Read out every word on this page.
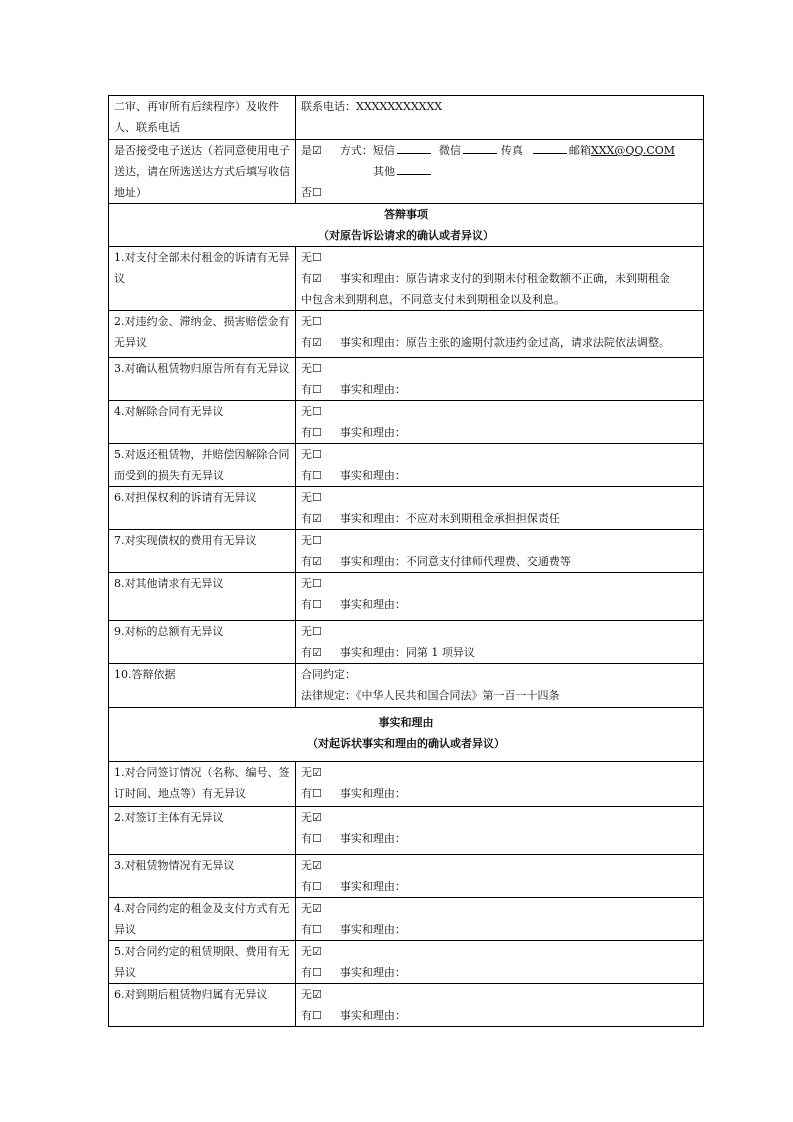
二审、再审所有后续程序）及收件人、联系电话	联系电话：XXXXXXXXXXX
是否接受电子送达（若同意使用电子送达，请在所选送达方式后填写收信地址）	是☑ 方式：短信 微信 传真 邮箱XXX@QQ.COM
其他
否☐

答辩事项
（对原告诉讼请求的确认或者异议）	

1.对支付全部未付租金的诉请有无异议	无☐
有☑ 事实和理由：原告请求支付的到期未付租金数额不正确，未到期租金
中包含未到期利息，不同意支付未到期租金以及利息。

2.对违约金、滞纳金、损害赔偿金有无异议	无☐
有☑ 事实和理由：原告主张的逾期付款违约金过高，请求法院依法调整。

3.对确认租赁物归原告所有有无异议	无☐
有☐ 事实和理由：

4.对解除合同有无异议	无☐
有☐ 事实和理由：

5.对返还租赁物，并赔偿因解除合同而受到的损失有无异议	无☐
有☐ 事实和理由：

6.对担保权利的诉请有无异议	无☐
有☑ 事实和理由：不应对未到期租金承担担保责任

7.对实现债权的费用有无异议	无☐
有☑ 事实和理由：不同意支付律师代理费、交通费等

8.对其他请求有无异议	无☐
有☐ 事实和理由：

9.对标的总额有无异议	无☐
有☑ 事实和理由：同第 1 项异议

10.答辩依据	合同约定：
法律规定：《中华人民共和国合同法》第一百一十四条

事实和理由
（对起诉状事实和理由的确认或者异议）	

1.对合同签订情况（名称、编号、签订时间、地点等）有无异议	无☑
有☐ 事实和理由：

2.对签订主体有无异议	无☑
有☐ 事实和理由：

3.对租赁物情况有无异议	无☑
有☐ 事实和理由：

4.对合同约定的租金及支付方式有无异议	无☑
有☐ 事实和理由：

5.对合同约定的租赁期限、费用有无异议	无☑
有☐ 事实和理由：

6.对到期后租赁物归属有无异议	无☑
有☐ 事实和理由：
